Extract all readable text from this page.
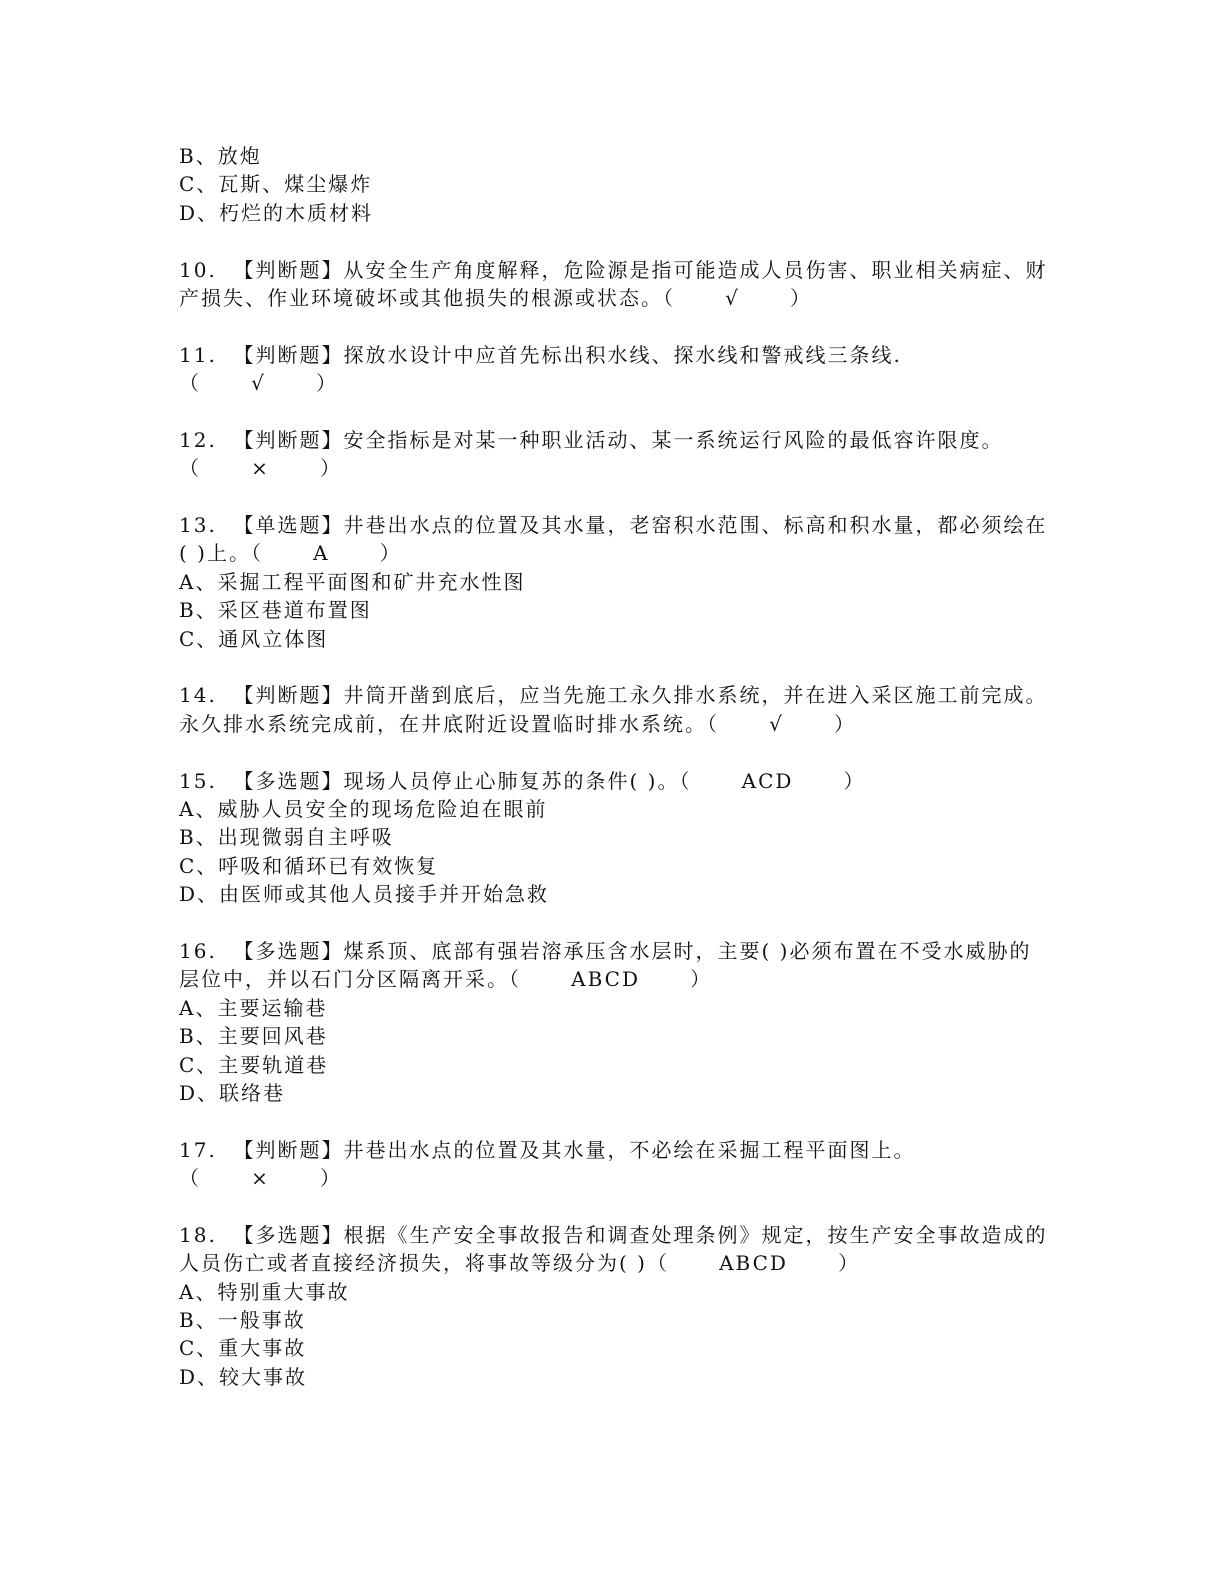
B、放炮
C、瓦斯、煤尘爆炸
D、朽烂的木质材料
10.  【判断题】从安全生产角度解释，危险源是指可能造成人员伤害、职业相关病症、财
产损失、作业环境破坏或其他损失的根源或状态。（      √      ）
11.  【判断题】探放水设计中应首先标出积水线、探水线和警戒线三条线.
（      √      ）
12.  【判断题】安全指标是对某一种职业活动、某一系统运行风险的最低容许限度。
（      ×      ）
13.  【单选题】井巷出水点的位置及其水量，老窑积水范围、标高和积水量，都必须绘在
( )上。（      A      ）
A、采掘工程平面图和矿井充水性图
B、采区巷道布置图
C、通风立体图
14.  【判断题】井筒开凿到底后，应当先施工永久排水系统，并在进入采区施工前完成。
永久排水系统完成前，在井底附近设置临时排水系统。（      √      ）
15.  【多选题】现场人员停止心肺复苏的条件( )。（      ACD      ）
A、威胁人员安全的现场危险迫在眼前
B、出现微弱自主呼吸
C、呼吸和循环已有效恢复
D、由医师或其他人员接手并开始急救
16.  【多选题】煤系顶、底部有强岩溶承压含水层时，主要( )必须布置在不受水威胁的
层位中，并以石门分区隔离开采。（      ABCD      ）
A、主要运输巷
B、主要回风巷
C、主要轨道巷
D、联络巷
17.  【判断题】井巷出水点的位置及其水量，不必绘在采掘工程平面图上。
（      ×      ）
18.  【多选题】根据《生产安全事故报告和调查处理条例》规定，按生产安全事故造成的
人员伤亡或者直接经济损失，将事故等级分为( )（      ABCD      ）
A、特别重大事故
B、一般事故
C、重大事故
D、较大事故
